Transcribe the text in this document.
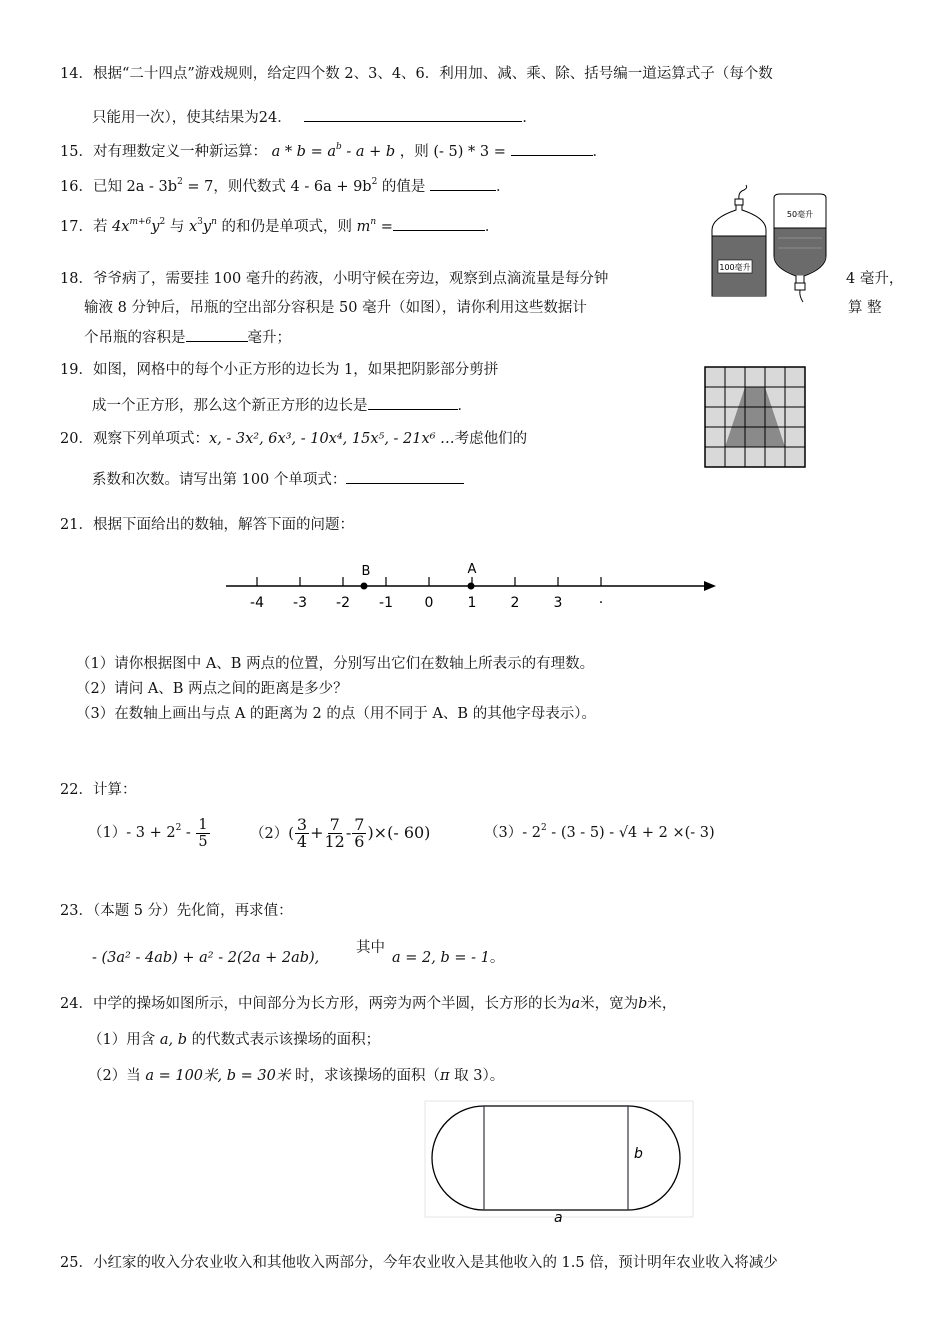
14．根据“二十四点”游戏规则，给定四个数 2、3、4、6．利用加、减、乘、除、括号编一道运算式子（每个数
只能用一次），使其结果为24．	．
15．对有理数定义一种新运算： $a * b = a^b - a + b$ ，则 (- 5) * 3 =	．
16．已知 $2a - 3b^2 = 7$，则代数式 $4 - 6a + 9b^2$ 的值是	．
17．若 $4x^{m+6}y^2$ 与 $x^3y^n$ 的和仍是单项式，则 $m^n$ =	．
18．爷爷病了，需要挂 100 毫升的药液，小明守候在旁边，观察到点滴流量是每分钟	4 毫升，
输液 8 分钟后，吊瓶的空出部分容积是 50 毫升（如图），请你利用这些数据计	算 整
个吊瓶的容积是	毫升；
100毫升
50毫升
19．如图，网格中的每个小正方形的边长为 1，如果把阴影部分剪拼
成一个正方形，那么这个新正方形的边长是	．
20．观察下列单项式：x, - 3x², 6x³, - 10x⁴, 15x⁵, - 21x⁶ …考虑他们的
系数和次数。请写出第 100 个单项式：
21．根据下面给出的数轴，解答下面的问题：
-4 -3 -2 -1 0 1 2 3	·
B	A
（1）请你根据图中 A、B 两点的位置，分别写出它们在数轴上所表示的有理数。
（2）请问 A、B 两点之间的距离是多少？
（3）在数轴上画出与点 A 的距离为 2 的点（用不同于 A、B 的其他字母表示）。
22．计算：
（1）- $3 + 2^2 - \frac{1}{5}$	$(2)( \frac{3}{4} + \frac{7}{12} - \frac{7}{6}$ )×(- 60)	（3）- $2^2 - (3 - 5) - √4 + 2$ ×(- 3)
23．（本题 5 分）先化简，再求值：
- (3a² - 4ab) + a² - 2(2a + 2ab),
其中
a = 2, b = - 1。
24．中学的操场如图所示，中间部分为长方形，两旁为两个半圆，长方形的长为a米，宽为b米，
（1）用含 a, b 的代数式表示该操场的面积；
（2）当 a = 100米, b = 30米 时，求该操场的面积（π 取 3）。
b
a
25．小红家的收入分农业收入和其他收入两部分，今年农业收入是其他收入的 1.5 倍，预计明年农业收入将减少
